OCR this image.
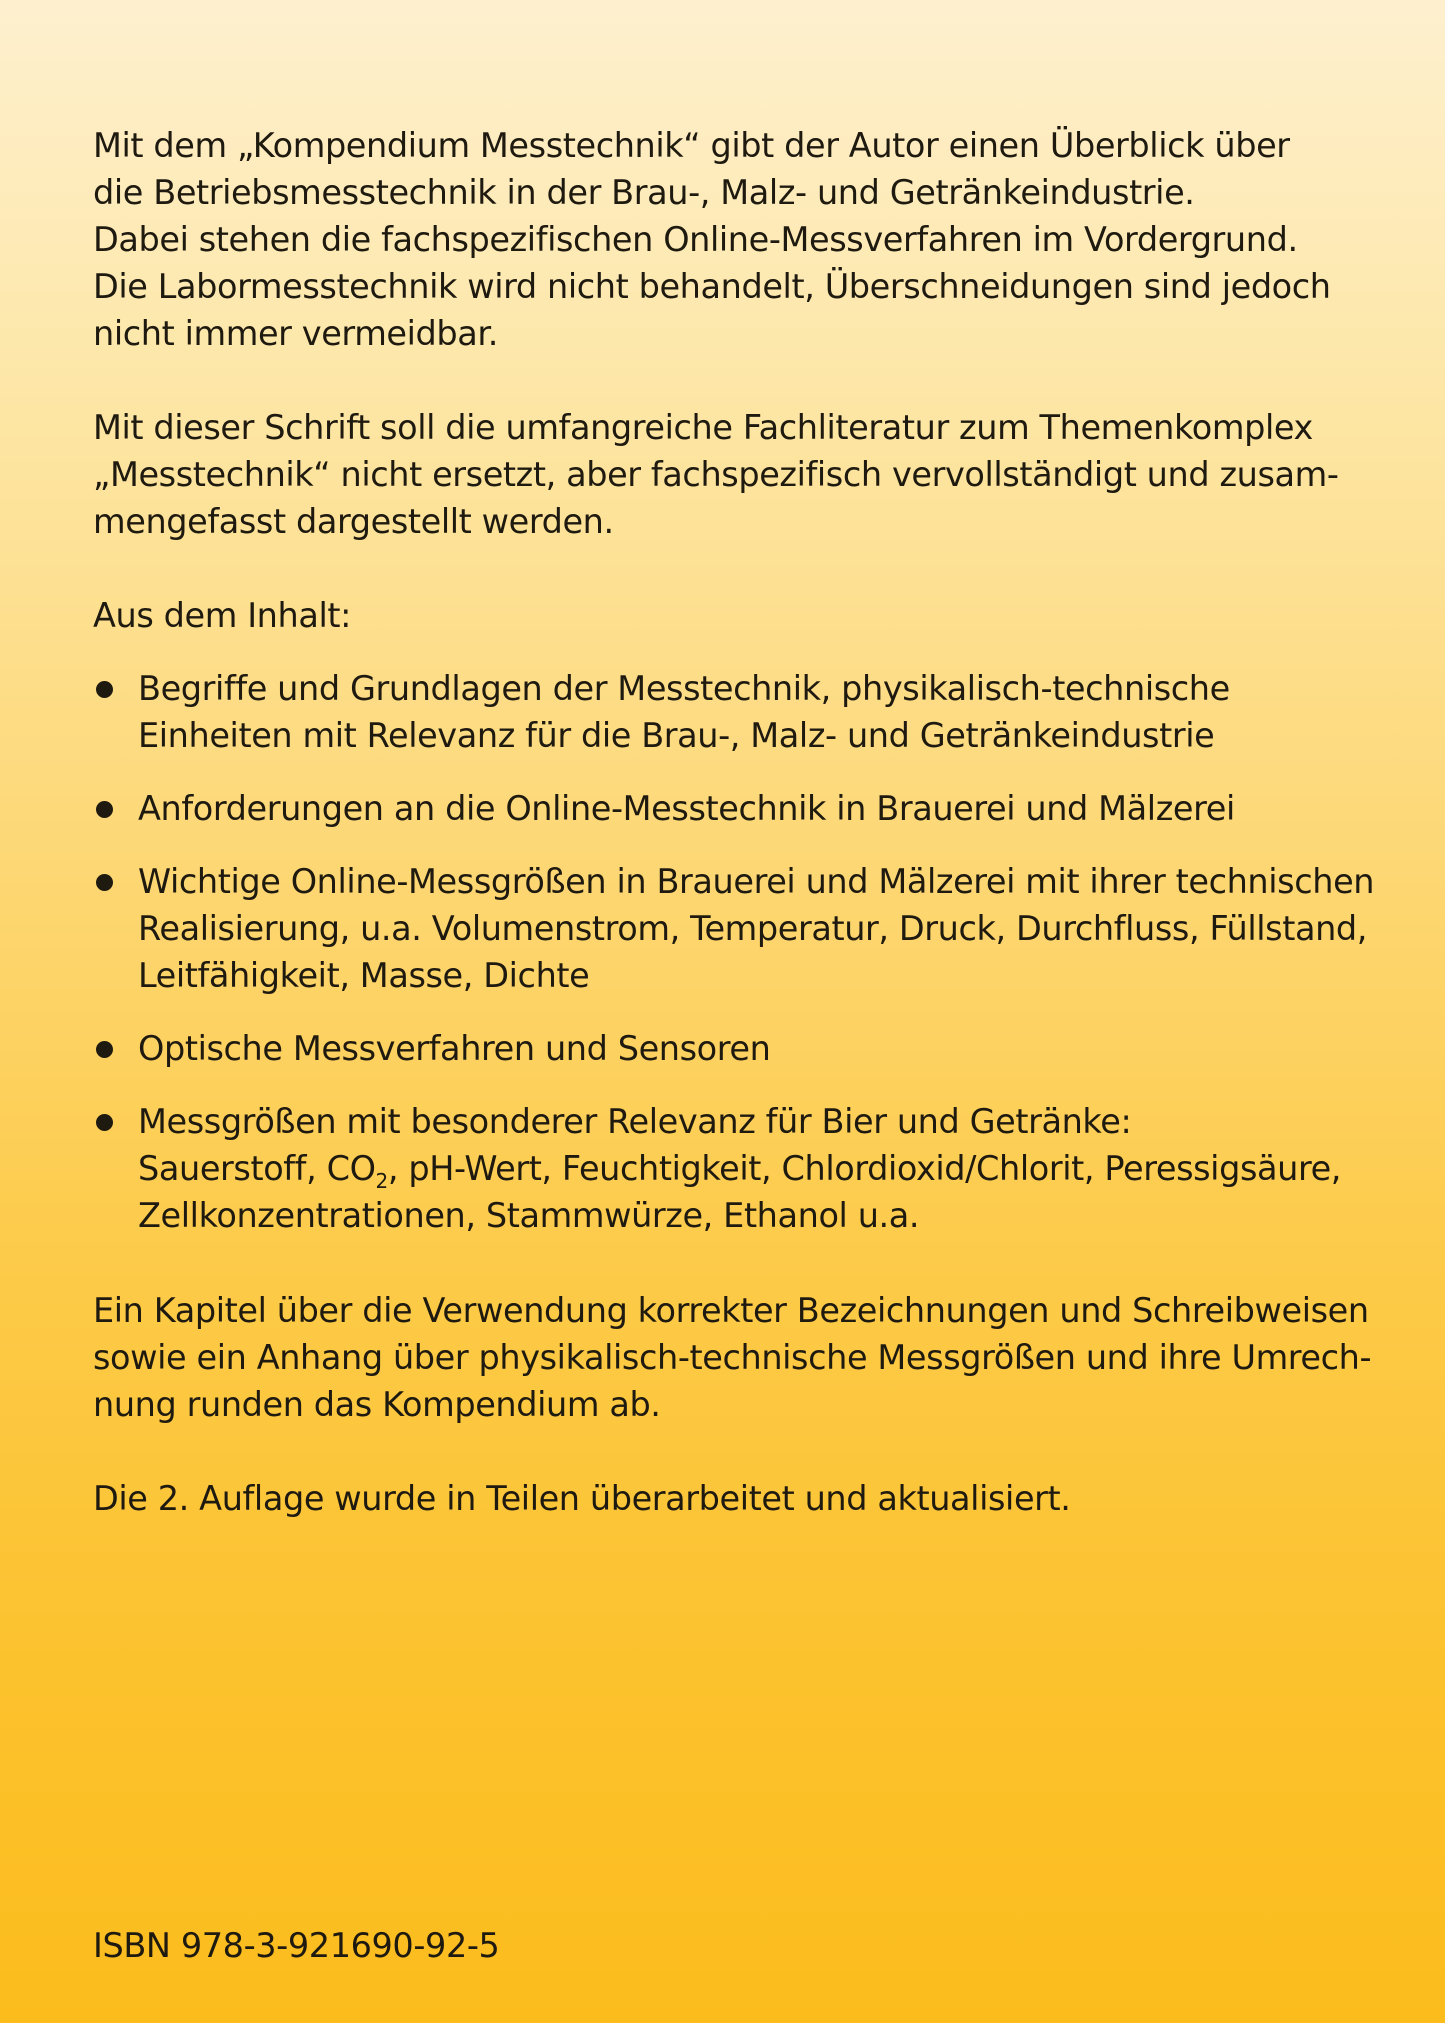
Mit dem „Kompendium Messtechnik“ gibt der Autor einen Überblick über
die Betriebsmesstechnik in der Brau-, Malz- und Getränkeindustrie.
Dabei stehen die fachspezifischen Online-Messverfahren im Vordergrund.
Die Labormesstechnik wird nicht behandelt, Überschneidungen sind jedoch
nicht immer vermeidbar.

Mit dieser Schrift soll die umfangreiche Fachliteratur zum Themenkomplex
„Messtechnik“ nicht ersetzt, aber fachspezifisch vervollständigt und zusam-
mengefasst dargestellt werden.

Aus dem Inhalt:

Begriffe und Grundlagen der Messtechnik, physikalisch-technische
Einheiten mit Relevanz für die Brau-, Malz- und Getränkeindustrie
Anforderungen an die Online-Messtechnik in Brauerei und Mälzerei
Wichtige Online-Messgrößen in Brauerei und Mälzerei mit ihrer technischen
Realisierung, u.a. Volumenstrom, Temperatur, Druck, Durchfluss, Füllstand,
Leitfähigkeit, Masse, Dichte
Optische Messverfahren und Sensoren
Messgrößen mit besonderer Relevanz für Bier und Getränke:
Sauerstoff, $CO_2$, pH-Wert, Feuchtigkeit, Chlordioxid/Chlorit, Peressigsäure,
Zellkonzentrationen, Stammwürze, Ethanol u.a.

Ein Kapitel über die Verwendung korrekter Bezeichnungen und Schreibweisen
sowie ein Anhang über physikalisch-technische Messgrößen und ihre Umrech-
nung runden das Kompendium ab.

Die 2. Auflage wurde in Teilen überarbeitet und aktualisiert.

ISBN 978-3-921690-92-5
